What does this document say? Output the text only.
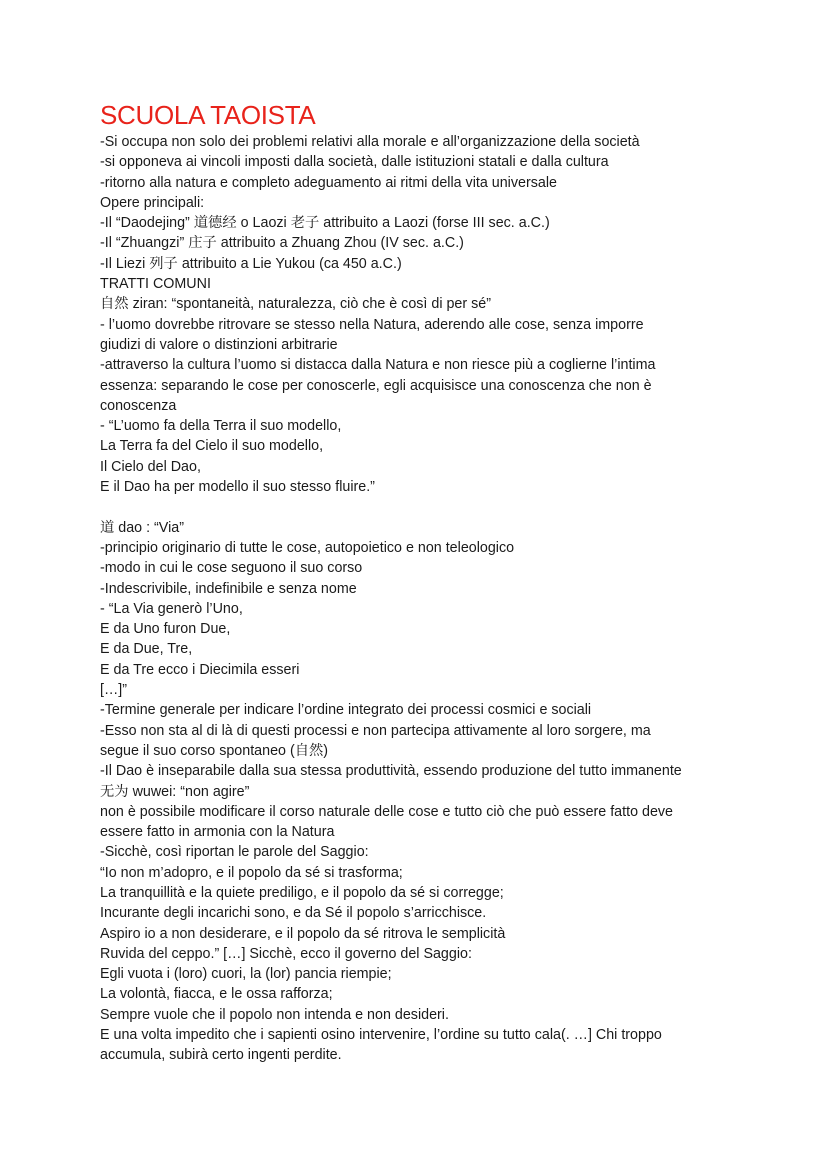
SCUOLA TAOISTA
-Si occupa non solo dei problemi relativi alla morale e all’organizzazione della società
-si opponeva ai vincoli imposti dalla società, dalle istituzioni statali e dalla cultura
-ritorno alla natura e completo adeguamento ai ritmi della vita universale
Opere principali:
-Il “Daodejing” 道德经 o Laozi 老子 attribuito a Laozi (forse III sec. a.C.)
-Il “Zhuangzi” 庄子 attribuito a Zhuang Zhou (IV sec. a.C.)
-Il Liezi 列子 attribuito a Lie Yukou (ca 450 a.C.)
TRATTI COMUNI
自然 ziran: “spontaneità, naturalezza, ciò che è così di per sé”
- l’uomo dovrebbe ritrovare se stesso nella Natura, aderendo alle cose, senza imporre
giudizi di valore o distinzioni arbitrarie
-attraverso la cultura l’uomo si distacca dalla Natura e non riesce più a coglierne l’intima
essenza: separando le cose per conoscerle, egli acquisisce una conoscenza che non è
conoscenza
- “L’uomo fa della Terra il suo modello,
La Terra fa del Cielo il suo modello,
Il Cielo del Dao,
E il Dao ha per modello il suo stesso fluire.”
道 dao : “Via”
-principio originario di tutte le cose, autopoietico e non teleologico
-modo in cui le cose seguono il suo corso
-Indescrivibile, indefinibile e senza nome
- “La Via generò l’Uno,
E da Uno furon Due,
E da Due, Tre,
E da Tre ecco i Diecimila esseri
[…]”
-Termine generale per indicare l’ordine integrato dei processi cosmici e sociali
-Esso non sta al di là di questi processi e non partecipa attivamente al loro sorgere, ma
segue il suo corso spontaneo (自然)
-Il Dao è inseparabile dalla sua stessa produttività, essendo produzione del tutto immanente
无为 wuwei: “non agire”
non è possibile modificare il corso naturale delle cose e tutto ciò che può essere fatto deve
essere fatto in armonia con la Natura
-Sicchè, così riportan le parole del Saggio:
“Io non m’adopro, e il popolo da sé si trasforma;
La tranquillità e la quiete prediligo, e il popolo da sé si corregge;
Incurante degli incarichi sono, e da Sé il popolo s’arricchisce.
Aspiro io a non desiderare, e il popolo da sé ritrova le semplicità
Ruvida del ceppo.” […] Sicchè, ecco il governo del Saggio:
Egli vuota i (loro) cuori, la (lor) pancia riempie;
La volontà, fiacca, e le ossa rafforza;
Sempre vuole che il popolo non intenda e non desideri.
E una volta impedito che i sapienti osino intervenire, l’ordine su tutto cala(. …] Chi troppo
accumula, subirà certo ingenti perdite.
